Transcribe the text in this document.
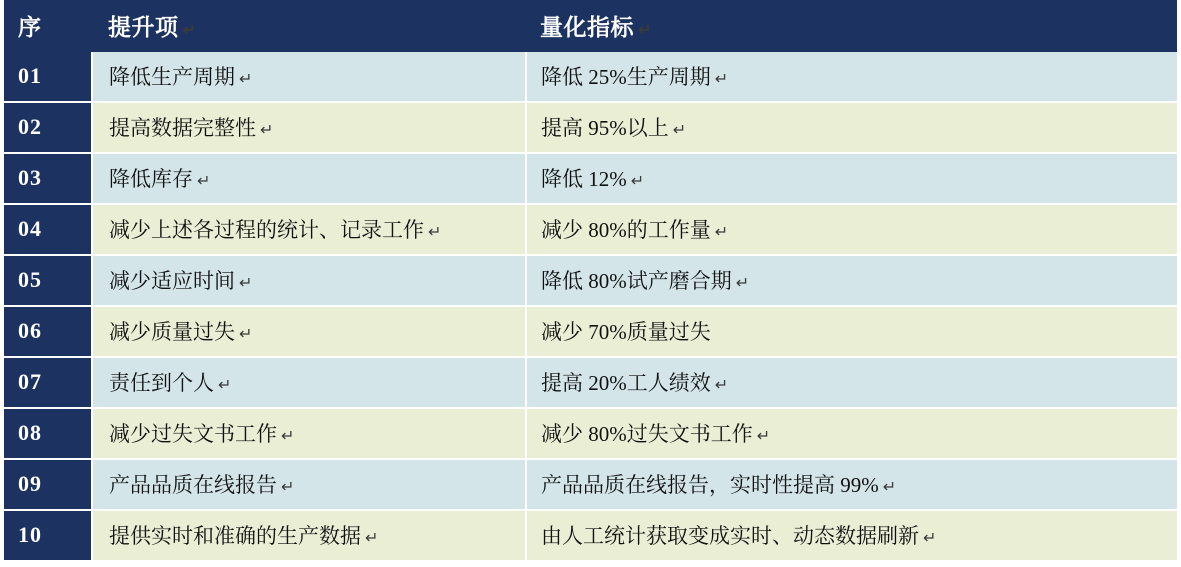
序	提升项 ↵	量化指标 ↵
01	降低生产周期 ↵	降低 25%生产周期 ↵
02	提高数据完整性 ↵	提高 95%以上 ↵
03	降低库存 ↵	降低 12% ↵
04	减少上述各过程的统计、记录工作 ↵	减少 80%的工作量 ↵
05	减少适应时间 ↵	降低 80%试产磨合期 ↵
06	减少质量过失 ↵	减少 70%质量过失
07	责任到个人 ↵	提高 20%工人绩效 ↵
08	减少过失文书工作 ↵	减少 80%过失文书工作 ↵
09	产品品质在线报告 ↵	产品品质在线报告，实时性提高 99% ↵
10	提供实时和准确的生产数据 ↵	由人工统计获取变成实时、动态数据刷新 ↵
